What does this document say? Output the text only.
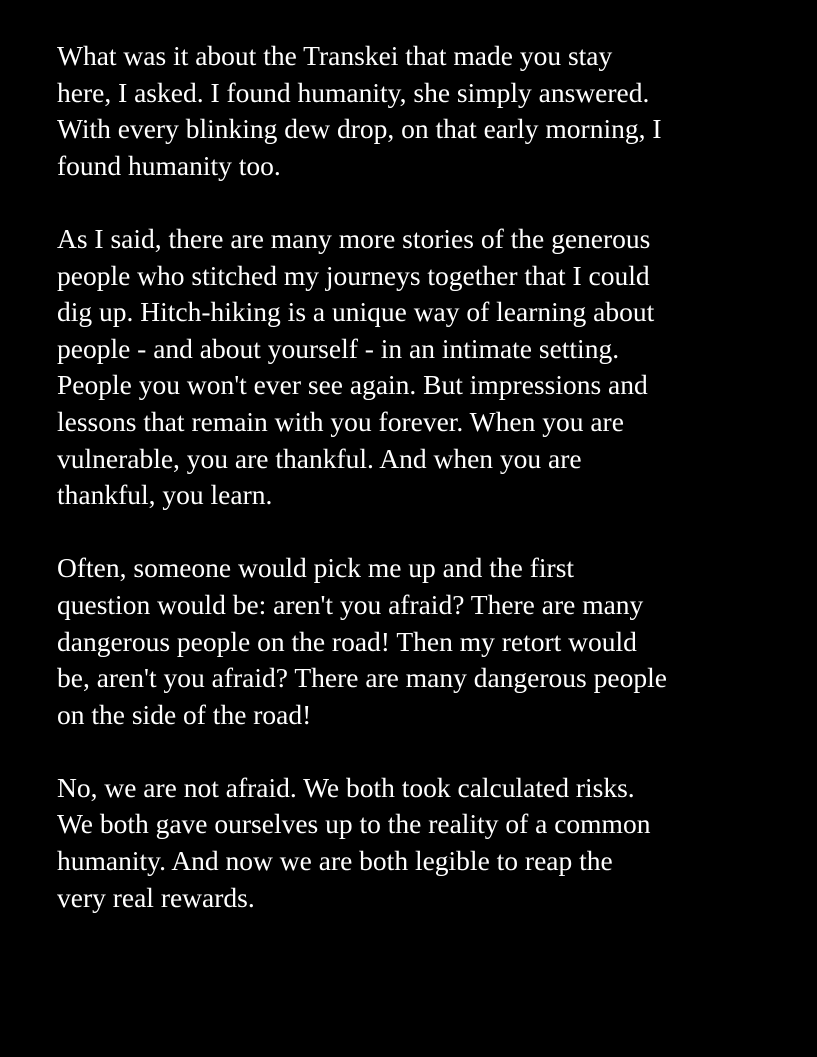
What was it about the Transkei that made you stay
here, I asked. I found humanity, she simply answered.
With every blinking dew drop, on that early morning, I
found humanity too.
As I said, there are many more stories of the generous
people who stitched my journeys together that I could
dig up. Hitch-hiking is a unique way of learning about
people - and about yourself - in an intimate setting.
People you won't ever see again. But impressions and
lessons that remain with you forever. When you are
vulnerable, you are thankful. And when you are
thankful, you learn.
Often, someone would pick me up and the first
question would be: aren't you afraid? There are many
dangerous people on the road! Then my retort would
be, aren't you afraid? There are many dangerous people
on the side of the road!
No, we are not afraid. We both took calculated risks.
We both gave ourselves up to the reality of a common
humanity. And now we are both legible to reap the
very real rewards.
